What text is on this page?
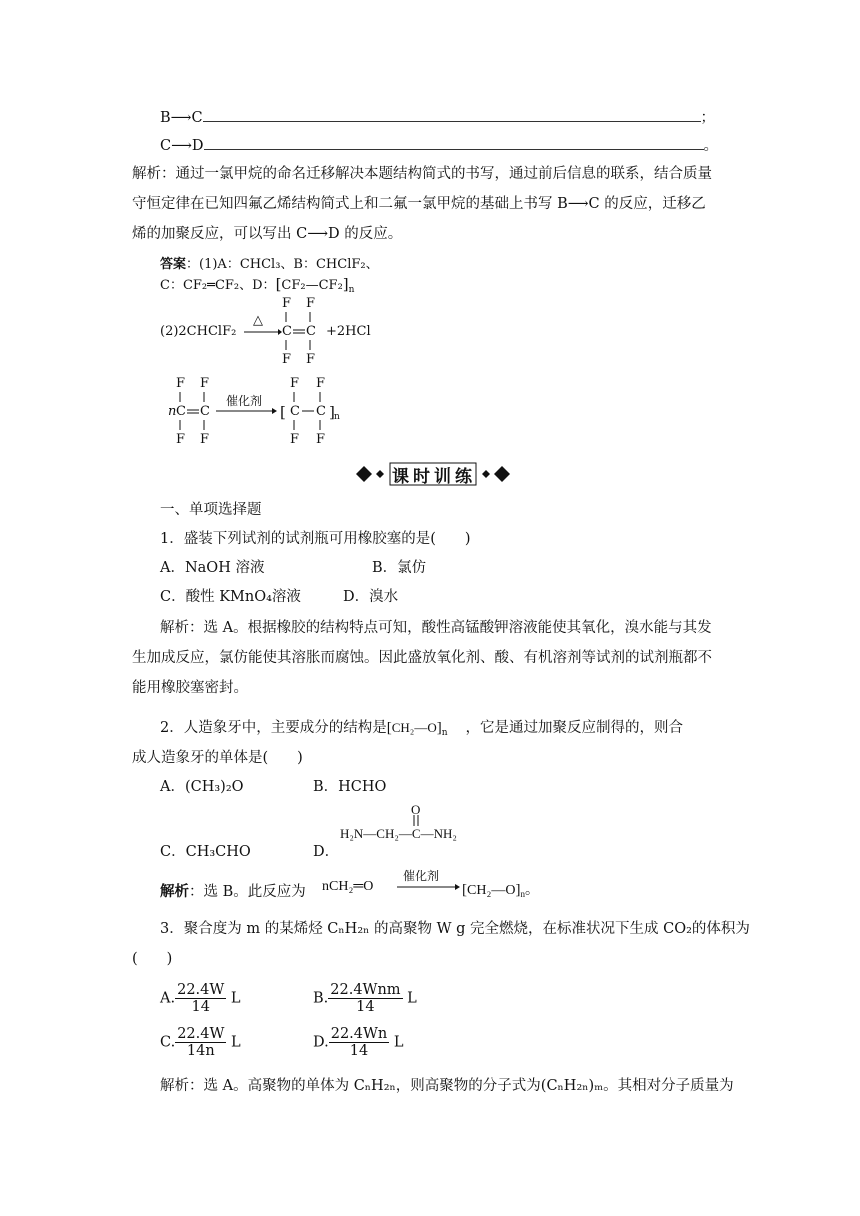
B⟶C	；
C⟶D	。
解析：通过一氯甲烷的命名迁移解决本题结构简式的书写，通过前后信息的联系，结合质量
守恒定律在已知四氟乙烯结构简式上和二氟一氯甲烷的基础上书写 B⟶C 的反应，迁移乙
烯的加聚反应，可以写出 C⟶D 的反应。
答案：(1)A：CHCl₃、B：CHClF₂、
C：CF₂═CF₂、D：$[CF_2—CF_2]_n$
(2)2CHClF₂
△
F F
C C
F F
+2HCl
F F
n C C
F F
催化剂
F F
[ C C ] n
F F
课时训练
一、单项选择题
1．盛装下列试剂的试剂瓶可用橡胶塞的是(　　)
A．NaOH 溶液	B．氯仿
C．酸性 KMnO₄溶液	D．溴水
解析：选 A。根据橡胶的结构特点可知，酸性高锰酸钾溶液能使其氧化，溴水能与其发
生加成反应，氯仿能使其溶胀而腐蚀。因此盛放氧化剂、酸、有机溶剂等试剂的试剂瓶都不
能用橡胶塞密封。
2．人造象牙中，主要成分的结构是$[CH_2—O]_n$ ，它是通过加聚反应制得的，则合
成人造象牙的单体是(　　)
A．(CH₃)₂O	B．HCHO
C．CH₃CHO	D．
O
H₂N—CH₂—C—NH₂
解析：选 B。此反应为 nCH₂═O
催化剂
$[CH_2—O]_n$。
3．聚合度为 m 的某烯烃 CₙH₂ₙ 的高聚物 W g 完全燃烧，在标准状况下生成 CO₂的体积为
(　　)
A. $\frac{22.4W}{14}$ L	B. $\frac{\text{22.4Wnm}}{14}$ L
C. $\frac{22.4W}{14n}$ L	D. $\frac{22.4Wn}{14}$ L
解析：选 A。高聚物的单体为 CₙH₂ₙ，则高聚物的分子式为(CₙH₂ₙ)ₘ。其相对分子质量为
